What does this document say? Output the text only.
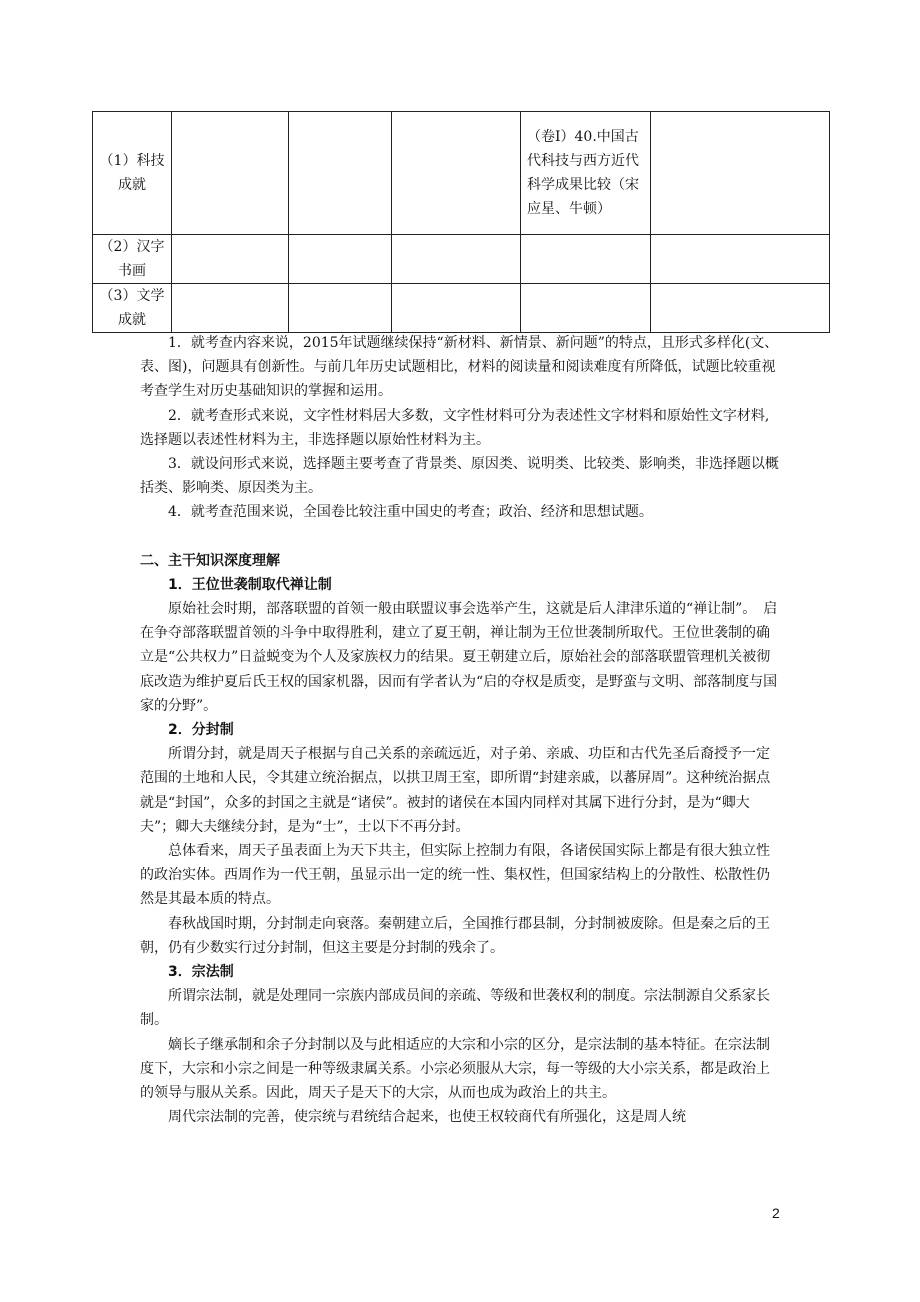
（1）科技成就				（卷Ⅰ）40.中国古代科技与西方近代科学成果比较（宋应星、牛顿）	
（2）汉字书画					
（3）文学成就					

1．就考查内容来说，2015年试题继续保持“新材料、新情景、新问题”的特点，且形式多样化(文、表、图)，问题具有创新性。与前几年历史试题相比，材料的阅读量和阅读难度有所降低，试题比较重视考查学生对历史基础知识的掌握和运用。

2．就考查形式来说，文字性材料居大多数，文字性材料可分为表述性文字材料和原始性文字材料,选择题以表述性材料为主，非选择题以原始性材料为主。

3．就设问形式来说，选择题主要考查了背景类、原因类、说明类、比较类、影响类，非选择题以概括类、影响类、原因类为主。

4．就考查范围来说，全国卷比较注重中国史的考查；政治、经济和思想试题。

二、主干知识深度理解

1．王位世袭制取代禅让制

原始社会时期，部落联盟的首领一般由联盟议事会选举产生，这就是后人津津乐道的“禅让制”。　启在争夺部落联盟首领的斗争中取得胜利，建立了夏王朝，禅让制为王位世袭制所取代。王位世袭制的确立是“公共权力”日益蜕变为个人及家族权力的结果。夏王朝建立后，原始社会的部落联盟管理机关被彻底改造为维护夏后氏王权的国家机器，因而有学者认为“启的夺权是质变，是野蛮与文明、部落制度与国家的分野”。

2．分封制

所谓分封，就是周天子根据与自己关系的亲疏远近，对子弟、亲戚、功臣和古代先圣后裔授予一定范围的土地和人民，令其建立统治据点，以拱卫周王室，即所谓“封建亲戚，以蕃屏周”。这种统治据点就是“封国”，众多的封国之主就是“诸侯”。被封的诸侯在本国内同样对其属下进行分封，是为“卿大夫”；卿大夫继续分封，是为“士”，士以下不再分封。

总体看来，周天子虽表面上为天下共主，但实际上控制力有限，各诸侯国实际上都是有很大独立性的政治实体。西周作为一代王朝，虽显示出一定的统一性、集权性，但国家结构上的分散性、松散性仍然是其最本质的特点。

春秋战国时期，分封制走向衰落。秦朝建立后，全国推行郡县制，分封制被废除。但是秦之后的王朝，仍有少数实行过分封制，但这主要是分封制的残余了。

3．宗法制

所谓宗法制，就是处理同一宗族内部成员间的亲疏、等级和世袭权利的制度。宗法制源自父系家长制。

嫡长子继承制和余子分封制以及与此相适应的大宗和小宗的区分，是宗法制的基本特征。在宗法制度下，大宗和小宗之间是一种等级隶属关系。小宗必须服从大宗，每一等级的大小宗关系，都是政治上的领导与服从关系。因此，周天子是天下的大宗，从而也成为政治上的共主。

周代宗法制的完善，使宗统与君统结合起来，也使王权较商代有所强化，这是周人统

2
